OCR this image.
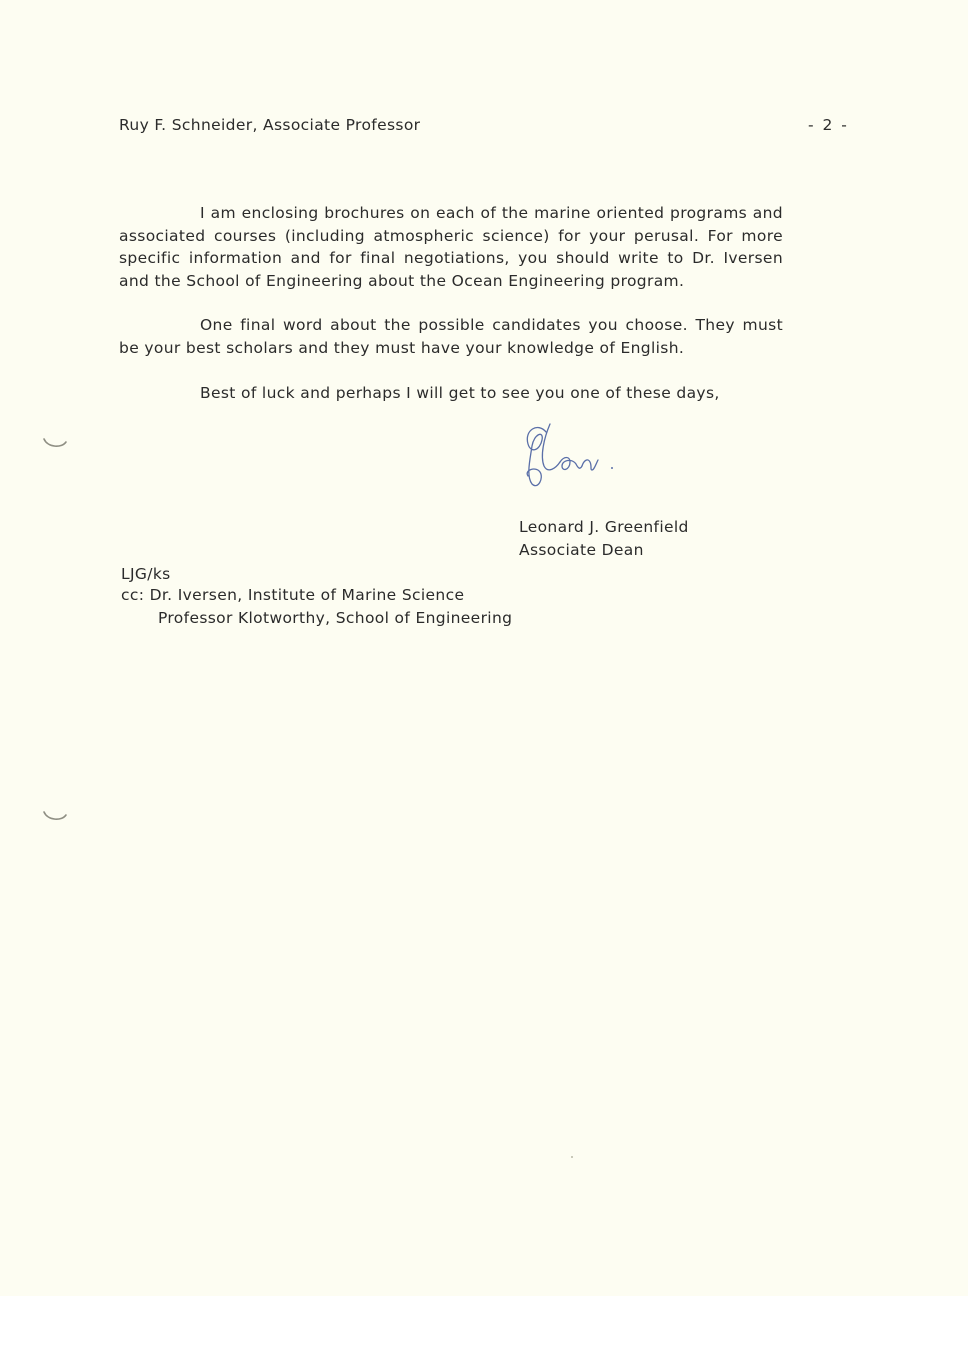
Ruy F. Schneider, Associate Professor	- 2 -
I am enclosing brochures on each of the marine oriented programs and
associated courses (including atmospheric science) for your perusal. For more
specific information and for final negotiations, you should write to Dr. Iversen
and the School of Engineering about the Ocean Engineering program.
One final word about the possible candidates you choose. They must
be your best scholars and they must have your knowledge of English.
Best of luck and perhaps I will get to see you one of these days,
Leonard J. Greenfield
Associate Dean
LJG/ks
cc: Dr. Iversen, Institute of Marine Science
Professor Klotworthy, School of Engineering
